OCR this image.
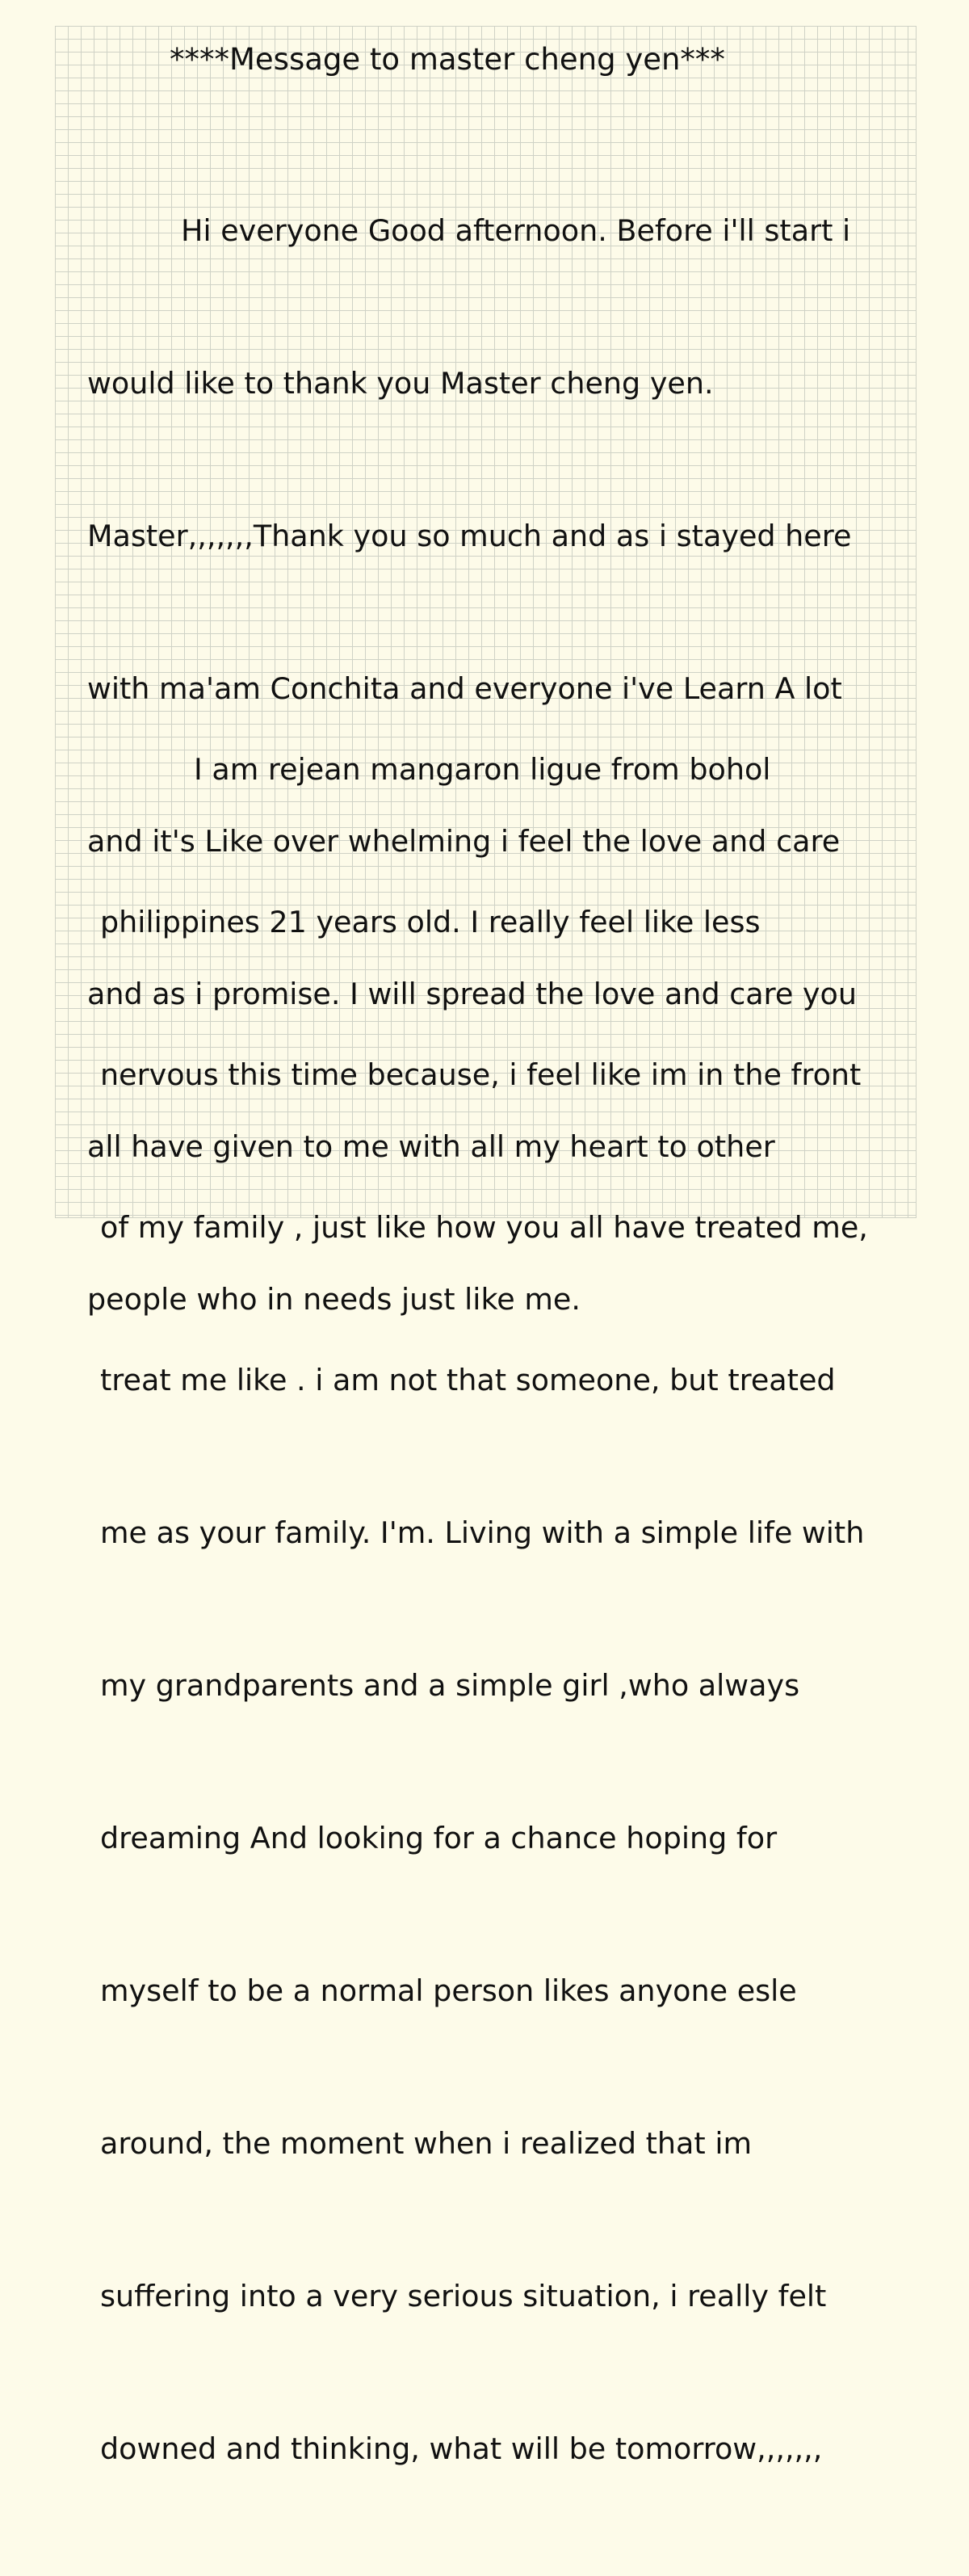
****Message to master cheng yen***

Hi everyone Good afternoon. Before i'll start i

would like to thank you Master cheng yen.

Master,,,,,,,Thank you so much and as i stayed here

with ma'am Conchita and everyone i've Learn A lot

and it's Like over whelming i feel the love and care

and as i promise. I will spread the love and care you

all have given to me with all my heart to other

people who in needs just like me.

I am rejean mangaron ligue from bohol

philippines 21 years old. I really feel like less

nervous this time because, i feel like im in the front

of my family , just like how you all have treated me,

treat me like . i am not that someone, but treated

me as your family. I'm. Living with a simple life with

my grandparents and a simple girl ,who always

dreaming And looking for a chance hoping for

myself to be a normal person likes anyone esle

around, the moment when i realized that im

suffering into a very serious situation, i really felt

downed and thinking, what will be tomorrow,,,,,,,
